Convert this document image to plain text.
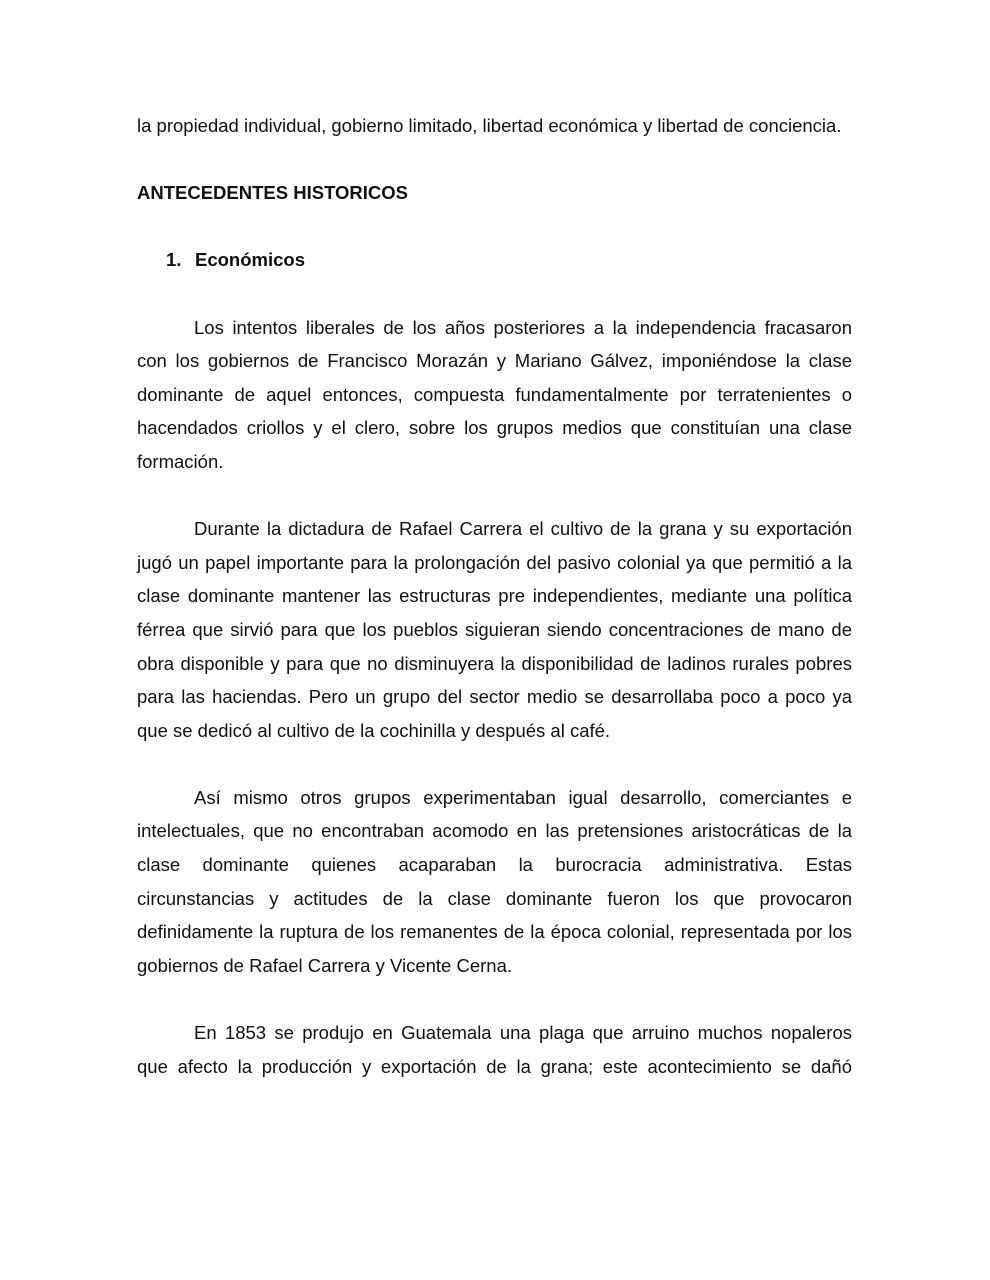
la propiedad individual, gobierno limitado, libertad económica y libertad de conciencia.

ANTECEDENTES HISTORICOS

1. Económicos

Los intentos liberales de los años posteriores a la independencia fracasaron con los gobiernos de Francisco Morazán y Mariano Gálvez, imponiéndose la clase dominante de aquel entonces, compuesta fundamentalmente por terratenientes o hacendados criollos y el clero, sobre los grupos medios que constituían una clase formación.

Durante la dictadura de Rafael Carrera el cultivo de la grana y su exportación jugó un papel importante para la prolongación del pasivo colonial ya que permitió a la clase dominante mantener las estructuras pre independientes, mediante una política férrea que sirvió para que los pueblos siguieran siendo concentraciones de mano de obra disponible y para que no disminuyera la disponibilidad de ladinos rurales pobres para las haciendas. Pero un grupo del sector medio se desarrollaba poco a poco ya que se dedicó al cultivo de la cochinilla y después al café.

Así mismo otros grupos experimentaban igual desarrollo, comerciantes e intelectuales, que no encontraban acomodo en las pretensiones aristocráticas de la clase dominante quienes acaparaban la burocracia administrativa. Estas circunstancias y actitudes de la clase dominante fueron los que provocaron definidamente la ruptura de los remanentes de la época colonial, representada por los gobiernos de Rafael Carrera y Vicente Cerna.

En 1853 se produjo en Guatemala una plaga que arruino muchos nopaleros que afecto la producción y exportación de la grana; este acontecimiento se dañó
